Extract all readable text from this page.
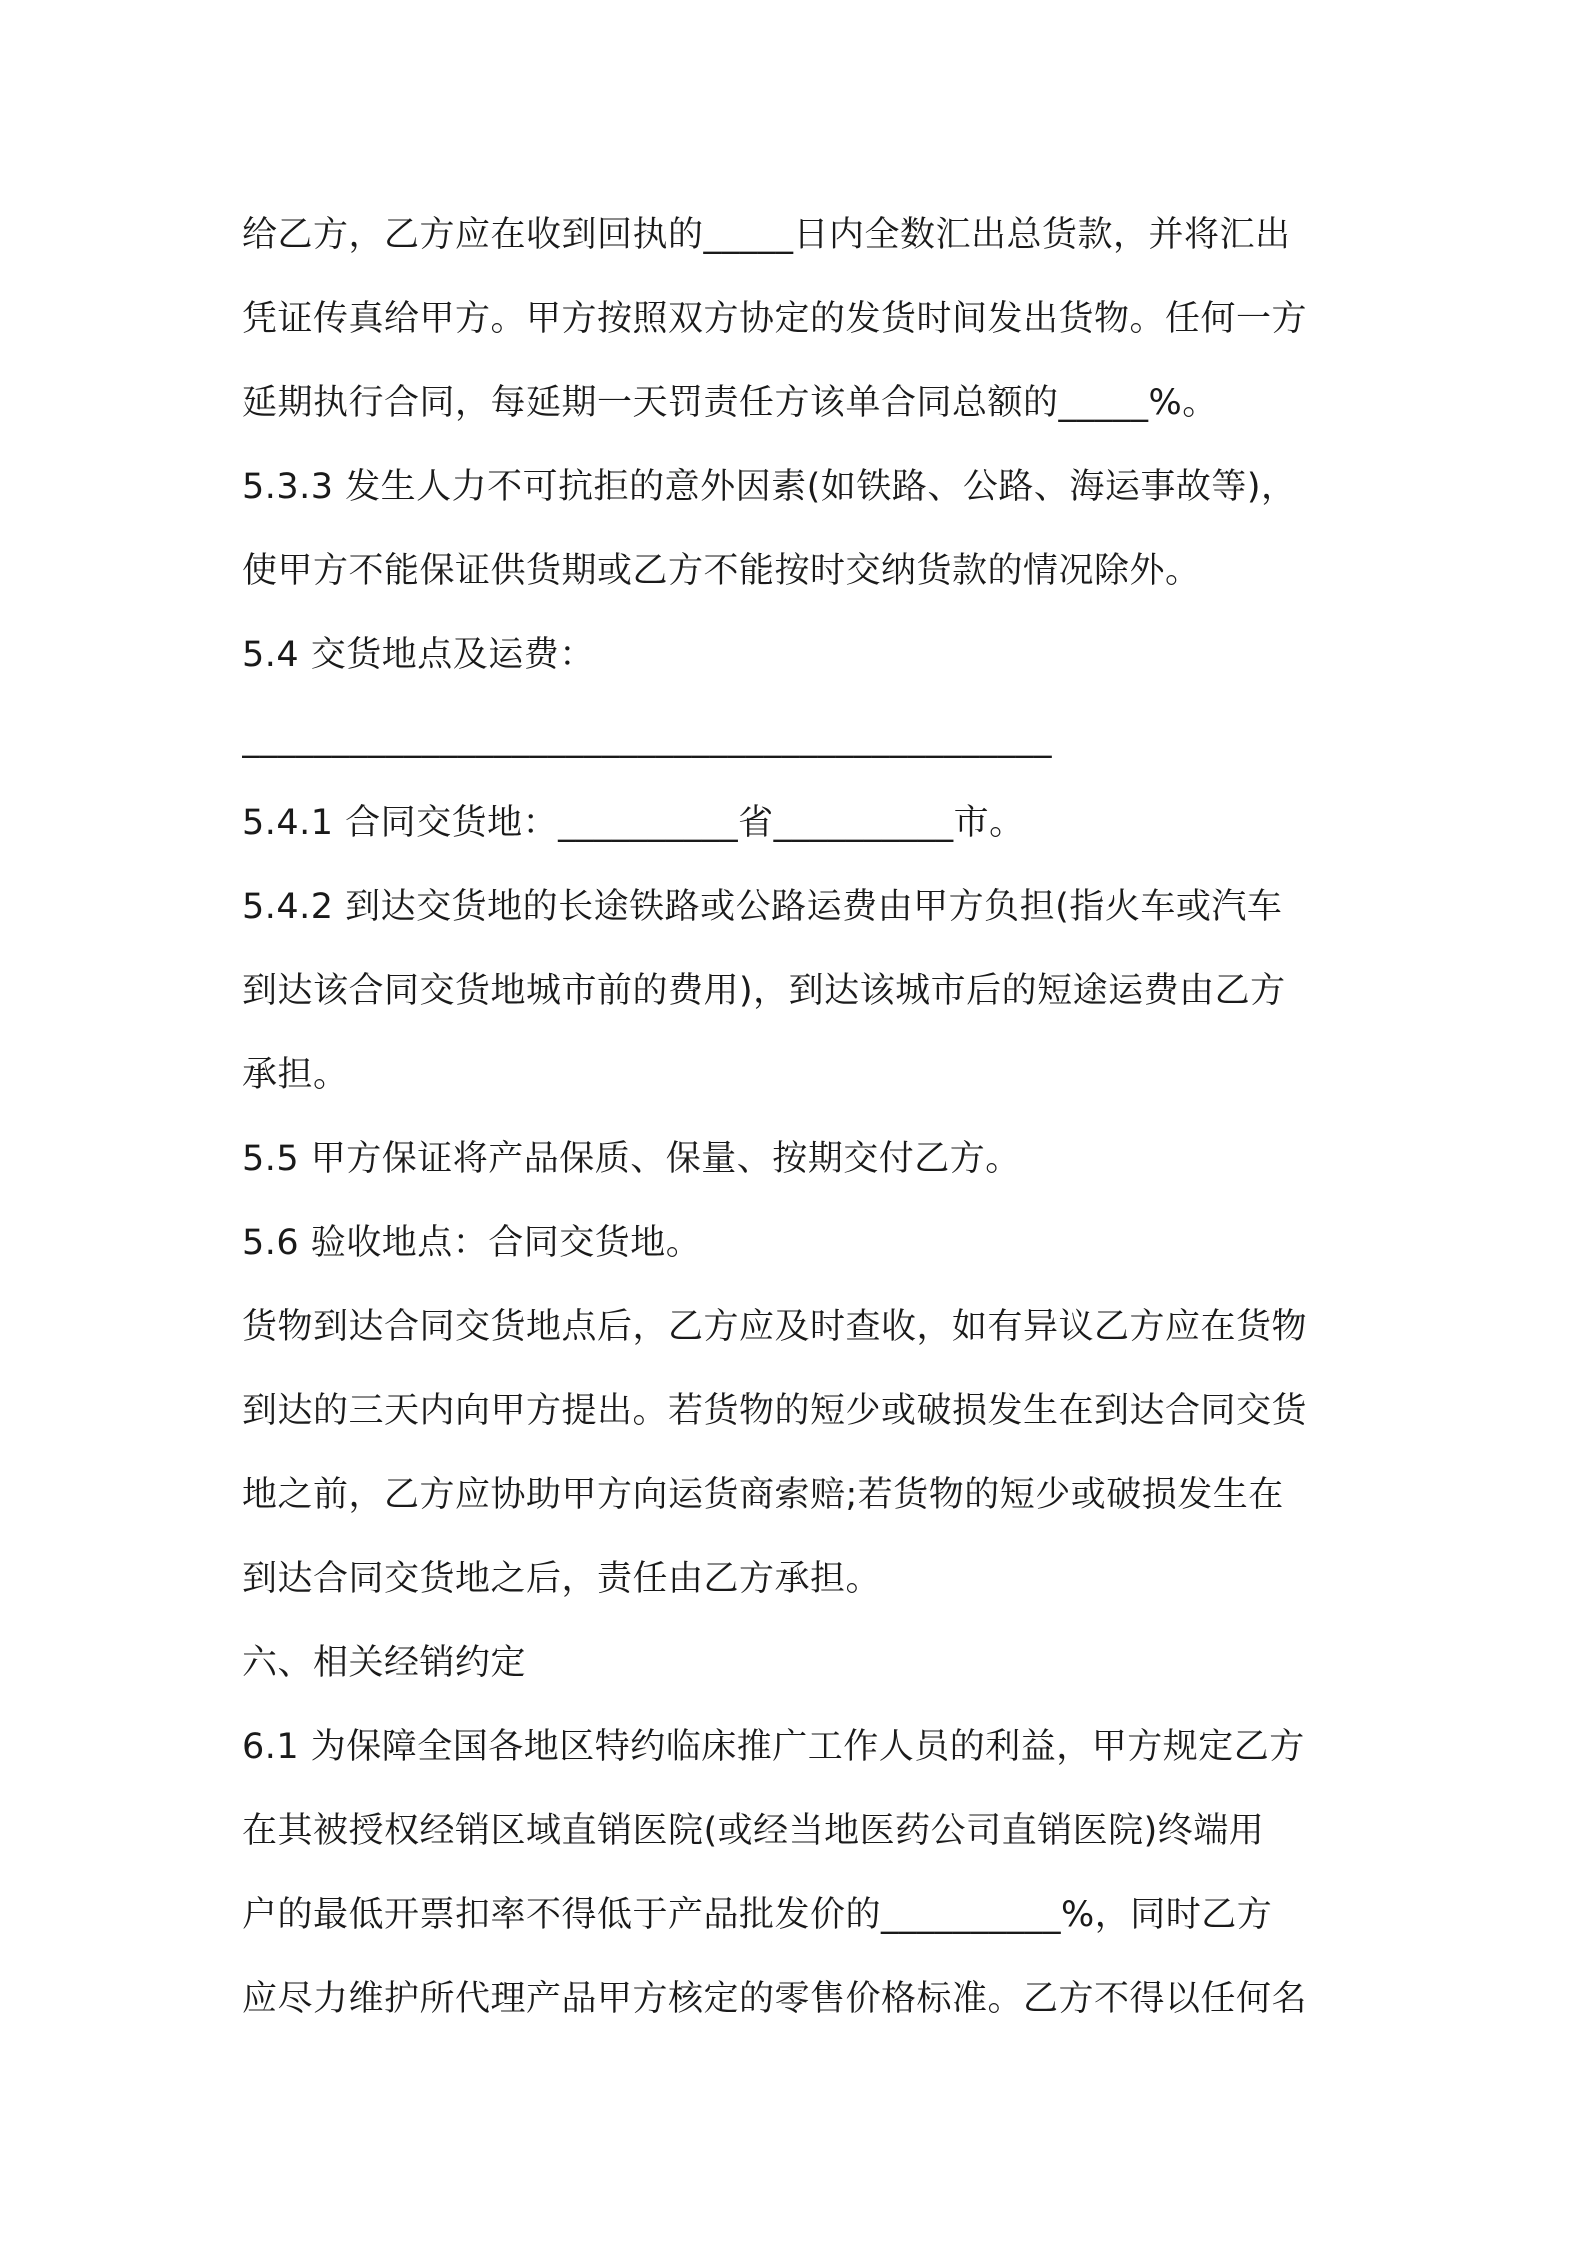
给乙方，乙方应在收到回执的_____日内全数汇出总货款，并将汇出
凭证传真给甲方。甲方按照双方协定的发货时间发出货物。任何一方
延期执行合同，每延期一天罚责任方该单合同总额的_____%。
5.3.3 发生人力不可抗拒的意外因素(如铁路、公路、海运事故等)，
使甲方不能保证供货期或乙方不能按时交纳货款的情况除外。
5.4 交货地点及运费：
_____________________________________________
5.4.1 合同交货地：__________省__________市。
5.4.2 到达交货地的长途铁路或公路运费由甲方负担(指火车或汽车
到达该合同交货地城市前的费用)，到达该城市后的短途运费由乙方
承担。
5.5 甲方保证将产品保质、保量、按期交付乙方。
5.6 验收地点：合同交货地。
货物到达合同交货地点后，乙方应及时查收，如有异议乙方应在货物
到达的三天内向甲方提出。若货物的短少或破损发生在到达合同交货
地之前，乙方应协助甲方向运货商索赔;若货物的短少或破损发生在
到达合同交货地之后，责任由乙方承担。
六、相关经销约定
6.1 为保障全国各地区特约临床推广工作人员的利益，甲方规定乙方
在其被授权经销区域直销医院(或经当地医药公司直销医院)终端用
户的最低开票扣率不得低于产品批发价的__________%，同时乙方
应尽力维护所代理产品甲方核定的零售价格标准。乙方不得以任何名
